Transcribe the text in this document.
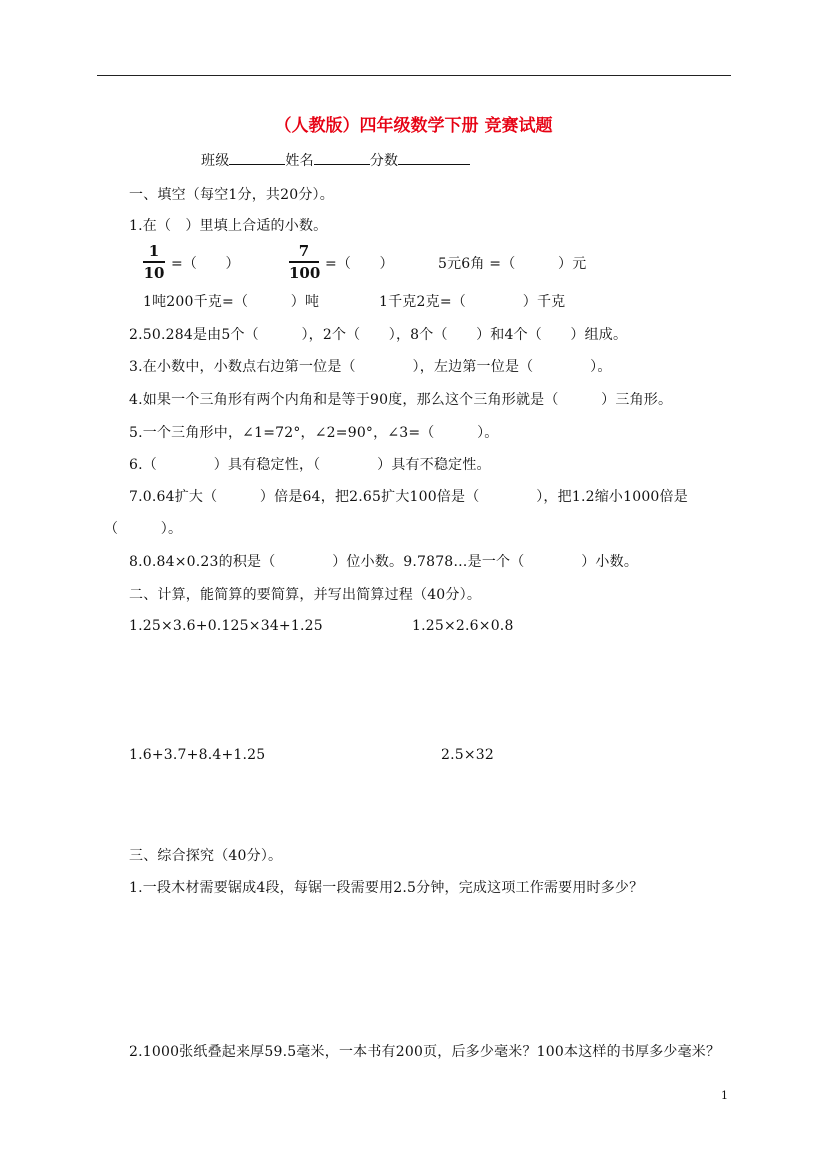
（人教版）四年级数学下册 竞赛试题
班级	姓名	分数
一、填空（每空1分，共20分）。
1.在（　）里填上合适的小数。
1
10 =（　　）
7
100 =（　　）	5元6角 =（　　　）元
1吨200千克=（　　　）吨	1千克2克=（　　　　）千克
2.50.284是由5个（　　　），2个（　　），8个（　　）和4个（　　）组成。
3.在小数中，小数点右边第一位是（　　　　），左边第一位是（　　　　）。
4.如果一个三角形有两个内角和是等于90度，那么这个三角形就是（　　　）三角形。
5.一个三角形中，∠1=72°，∠2=90°，∠3=（　　　）。
6.（　　　　）具有稳定性，（　　　　）具有不稳定性。
7.0.64扩大（　　　）倍是64，把2.65扩大100倍是（　　　　），把1.2缩小1000倍是
（　　　）。
8.0.84×0.23的积是（　　　　）位小数。9.7878…是一个（　　　　）小数。
二、计算，能简算的要简算，并写出简算过程（40分）。
1.25×3.6+0.125×34+1.25	1.25×2.6×0.8
1.6+3.7+8.4+1.25	2.5×32
三、综合探究（40分）。
1.一段木材需要锯成4段，每锯一段需要用2.5分钟，完成这项工作需要用时多少？
2.1000张纸叠起来厚59.5毫米，一本书有200页，后多少毫米？100本这样的书厚多少毫米？
1
